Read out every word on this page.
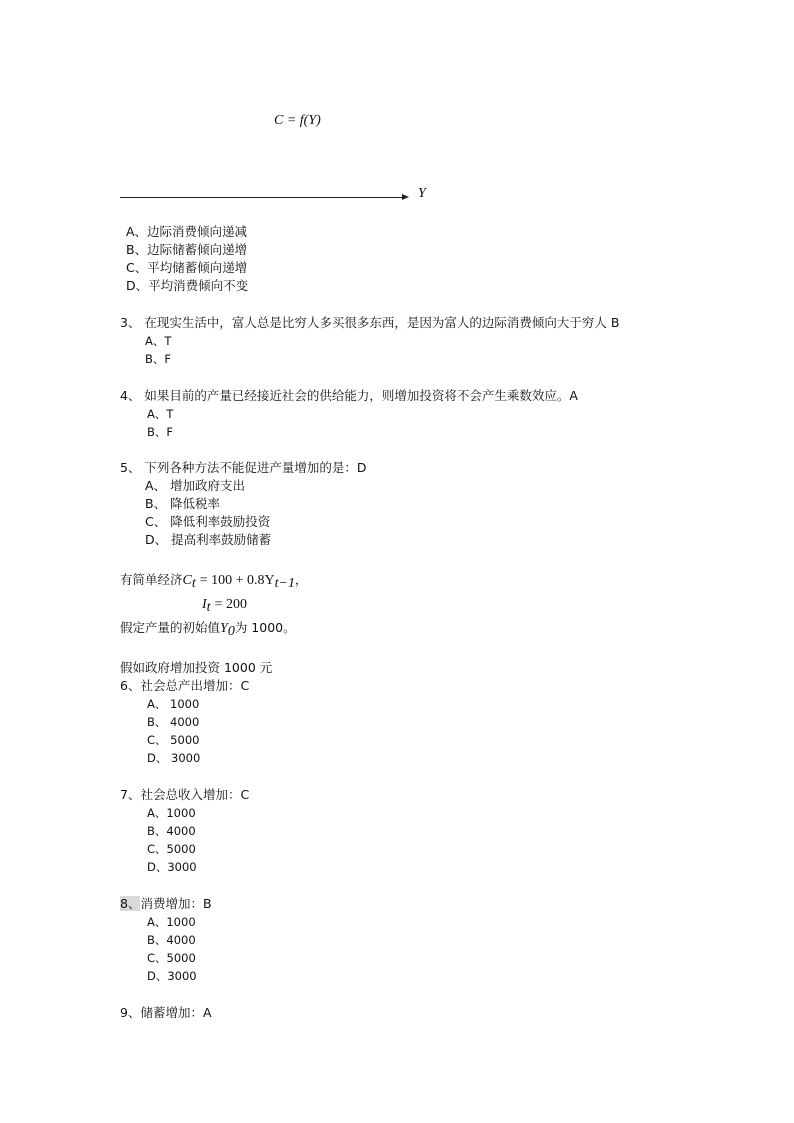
C = f(Y)
Y
A、边际消费倾向递减
B、边际储蓄倾向递增
C、平均储蓄倾向递增
D、平均消费倾向不变
3、 在现实生活中，富人总是比穷人多买很多东西，是因为富人的边际消费倾向大于穷人 B
A、T
B、F
4、 如果目前的产量已经接近社会的供给能力，则增加投资将不会产生乘数效应。A
A、T
B、F
5、 下列各种方法不能促进产量增加的是：D
A、 增加政府支出
B、 降低税率
C、 降低利率鼓励投资
D、 提高利率鼓励储蓄
有简单经济$C_t = 100 + 0.8Y_{t-1}$，
$I_t = 200$
假定产量的初始值$Y_0$为 1000。
假如政府增加投资 1000 元
6、社会总产出增加：C
A、 1000
B、 4000
C、 5000
D、 3000
7、社会总收入增加：C
A、1000
B、4000
C、5000
D、3000
8、消费增加：B
A、1000
B、4000
C、5000
D、3000
9、储蓄增加：A
